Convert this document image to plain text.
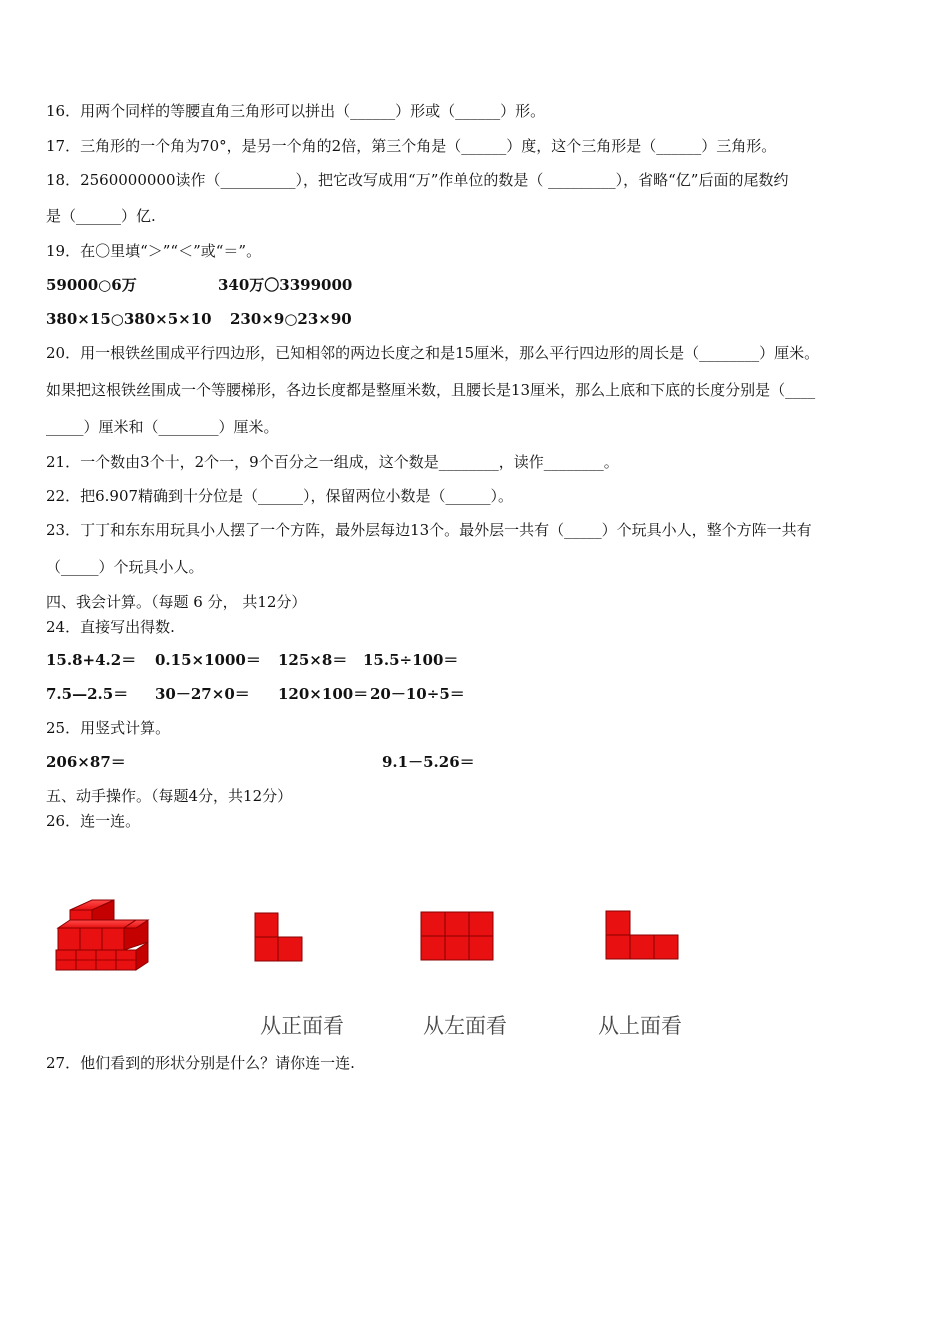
16．用两个同样的等腰直角三角形可以拼出（______）形或（______）形。
17．三角形的一个角为70°，是另一个角的2倍，第三个角是（______）度，这个三角形是（______）三角形。
18．2560000000读作（__________），把它改写成用“万”作单位的数是（ _________），省略“亿”后面的尾数约
是（______）亿.
19．在〇里填“＞”“＜”或“＝”。
59000○6万	340万〇3399000
380×15○380×5×10 230×9○23×90
20．用一根铁丝围成平行四边形，已知相邻的两边长度之和是15厘米，那么平行四边形的周长是（________）厘米。
如果把这根铁丝围成一个等腰梯形，各边长度都是整厘米数，且腰长是13厘米，那么上底和下底的长度分别是（____
_____）厘米和（________）厘米。
21．一个数由3个十，2个一，9个百分之一组成，这个数是________，读作________。
22．把6.907精确到十分位是（______），保留两位小数是（______）。
23．丁丁和东东用玩具小人摆了一个方阵，最外层每边13个。最外层一共有（_____）个玩具小人，整个方阵一共有
（_____）个玩具小人。
四、我会计算。（每题 6 分， 共12分）
24．直接写出得数.
15.8+4.2＝ 0.15×1000＝ 125×8＝ 15.5÷100＝
7.5—2.5＝ 30－27×0＝ 120×100＝ 20－10÷5＝
25．用竖式计算。
206×87＝	9.1－5.26＝
五、动手操作。（每题4分，共12分）
26．连一连。
从正面看	从左面看	从上面看
27．他们看到的形状分别是什么？请你连一连.
